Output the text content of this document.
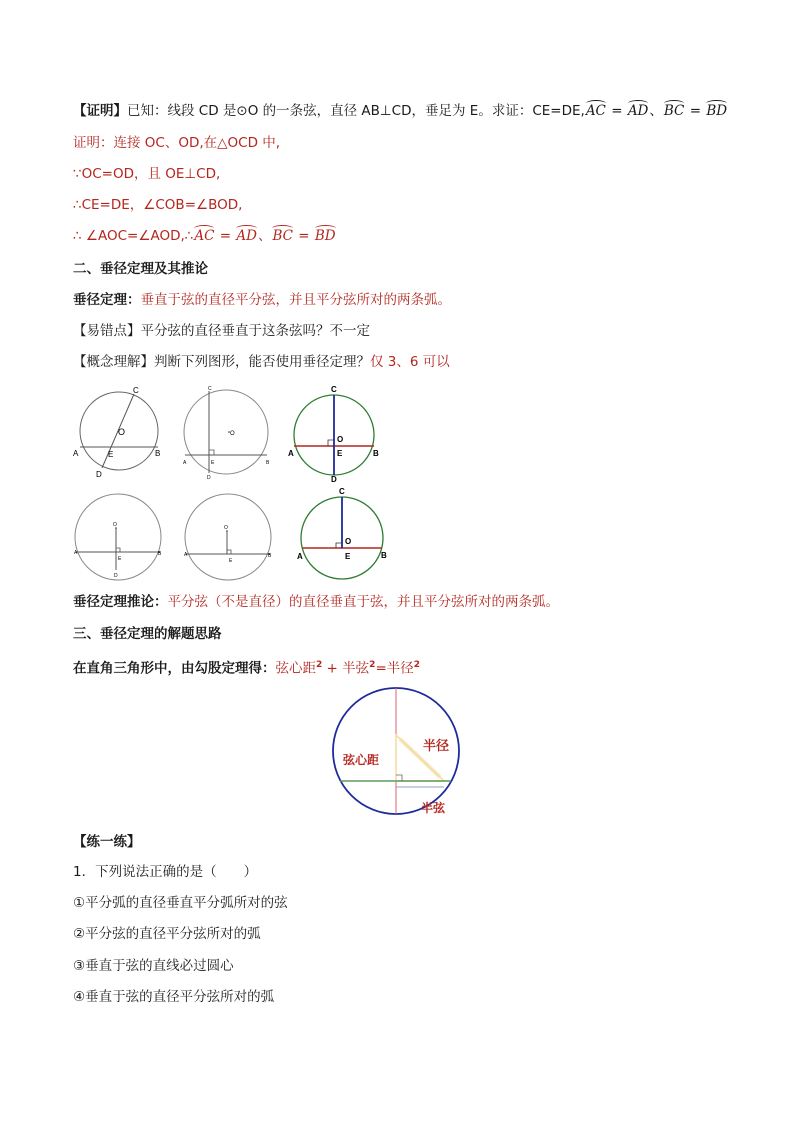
【证明】已知：线段 CD 是⊙O 的一条弦，直径 AB⊥CD，垂足为 E。求证：CE=DE,AC = AD、BC = BD
证明：连接 OC、OD,在△OCD 中,
∵OC=OD，且 OE⊥CD,
∴CE=DE，∠COB=∠BOD,
∴ ∠AOC=∠AOD,∴AC = AD、BC = BD
二、垂径定理及其推论
垂径定理：垂直于弦的直径平分弦，并且平分弦所对的两条弧。
【易错点】平分弦的直径垂直于这条弦吗？不一定
【概念理解】判断下列图形，能否使用垂径定理？仅 3、6 可以
C
O
A	B
E
D
C
O
A	B
E
D
C
O
A	B
E
D
O
A	B
E
D
O
A	B
E
C
O
A	B
E
垂径定理推论：平分弦（不是直径）的直径垂直于弦，并且平分弦所对的两条弧。
三、垂径定理的解题思路
在直角三角形中，由勾股定理得：弦心距$^2$ + 半弦$^2$=半径$^2$
半径
弦心距
半弦
【练一练】
1．下列说法正确的是（　　）
①平分弧的直径垂直平分弧所对的弦
②平分弦的直径平分弦所对的弧
③垂直于弦的直线必过圆心
④垂直于弦的直径平分弦所对的弧
